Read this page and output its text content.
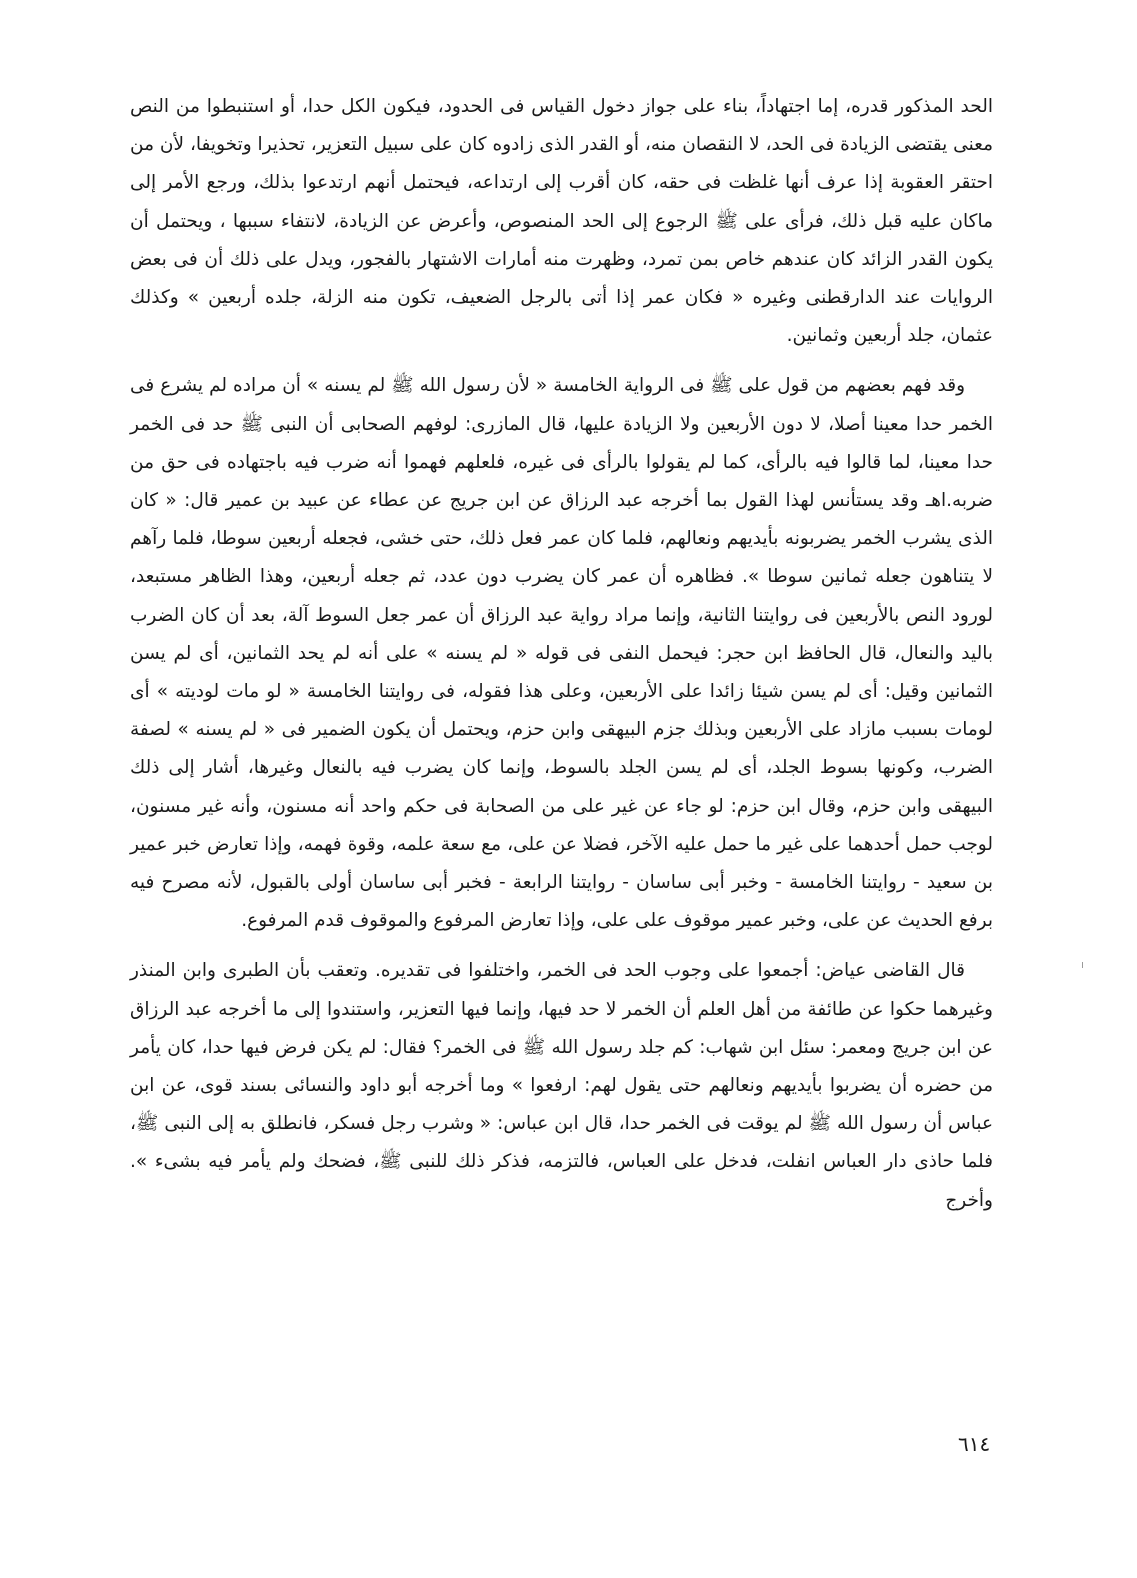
الحد المذكور قدره، إما اجتهاداً، بناء على جواز دخول القياس فى الحدود، فيكون الكل حدا، أو استنبطوا من النص معنى يقتضى الزيادة فى الحد، لا النقصان منه، أو القدر الذى زادوه كان على سبيل التعزير، تحذيرا وتخويفا، لأن من احتقر العقوبة إذا عرف أنها غلظت فى حقه، كان أقرب إلى ارتداعه، فيحتمل أنهم ارتدعوا بذلك، ورجع الأمر إلى ماكان عليه قبل ذلك، فرأى على ﷺ الرجوع إلى الحد المنصوص، وأعرض عن الزيادة، لانتفاء سببها ، ويحتمل أن يكون القدر الزائد كان عندهم خاص بمن تمرد، وظهرت منه أمارات الاشتهار بالفجور، ويدل على ذلك أن فى بعض الروايات عند الدارقطنى وغيره « فكان عمر إذا أتى بالرجل الضعيف، تكون منه الزلة، جلده أربعين » وكذلك عثمان، جلد أربعين وثمانين.

وقد فهم بعضهم من قول على ﷺ فى الرواية الخامسة « لأن رسول الله ﷺ لم يسنه » أن مراده لم يشرع فى الخمر حدا معينا أصلا، لا دون الأربعين ولا الزيادة عليها، قال المازرى: لوفهم الصحابى أن النبى ﷺ حد فى الخمر حدا معينا، لما قالوا فيه بالرأى، كما لم يقولوا بالرأى فى غيره، فلعلهم فهموا أنه ضرب فيه باجتهاده فى حق من ضربه.اهـ وقد يستأنس لهذا القول بما أخرجه عبد الرزاق عن ابن جريج عن عطاء عن عبيد بن عمير قال: « كان الذى يشرب الخمر يضربونه بأيديهم ونعالهم، فلما كان عمر فعل ذلك، حتى خشى، فجعله أربعين سوطا، فلما رآهم لا يتناهون جعله ثمانين سوطا ». فظاهره أن عمر كان يضرب دون عدد، ثم جعله أربعين، وهذا الظاهر مستبعد، لورود النص بالأربعين فى روايتنا الثانية، وإنما مراد رواية عبد الرزاق أن عمر جعل السوط آلة، بعد أن كان الضرب باليد والنعال، قال الحافظ ابن حجر: فيحمل النفى فى قوله « لم يسنه » على أنه لم يحد الثمانين، أى لم يسن الثمانين وقيل: أى لم يسن شيئا زائدا على الأربعين، وعلى هذا فقوله، فى روايتنا الخامسة « لو مات لوديته » أى لومات بسبب مازاد على الأربعين وبذلك جزم البيهقى وابن حزم، ويحتمل أن يكون الضمير فى « لم يسنه » لصفة الضرب، وكونها بسوط الجلد، أى لم يسن الجلد بالسوط، وإنما كان يضرب فيه بالنعال وغيرها، أشار إلى ذلك البيهقى وابن حزم، وقال ابن حزم: لو جاء عن غير على من الصحابة فى حكم واحد أنه مسنون، وأنه غير مسنون، لوجب حمل أحدهما على غير ما حمل عليه الآخر، فضلا عن على، مع سعة علمه، وقوة فهمه، وإذا تعارض خبر عمير بن سعيد - روايتنا الخامسة - وخبر أبى ساسان - روايتنا الرابعة - فخبر أبى ساسان أولى بالقبول، لأنه مصرح فيه برفع الحديث عن على، وخبر عمير موقوف على على، وإذا تعارض المرفوع والموقوف قدم المرفوع.

قال القاضى عياض: أجمعوا على وجوب الحد فى الخمر، واختلفوا فى تقديره. وتعقب بأن الطبرى وابن المنذر وغيرهما حكوا عن طائفة من أهل العلم أن الخمر لا حد فيها، وإنما فيها التعزير، واستندوا إلى ما أخرجه عبد الرزاق عن ابن جريج ومعمر: سئل ابن شهاب: كم جلد رسول الله ﷺ فى الخمر؟ فقال: لم يكن فرض فيها حدا، كان يأمر من حضره أن يضربوا بأيديهم ونعالهم حتى يقول لهم: ارفعوا » وما أخرجه أبو داود والنسائى بسند قوى، عن ابن عباس أن رسول الله ﷺ لم يوقت فى الخمر حدا، قال ابن عباس: « وشرب رجل فسكر، فانطلق به إلى النبى ﷺ، فلما حاذى دار العباس انفلت، فدخل على العباس، فالتزمه، فذكر ذلك للنبى ﷺ، فضحك ولم يأمر فيه بشىء ». وأخرج

٦١٤
